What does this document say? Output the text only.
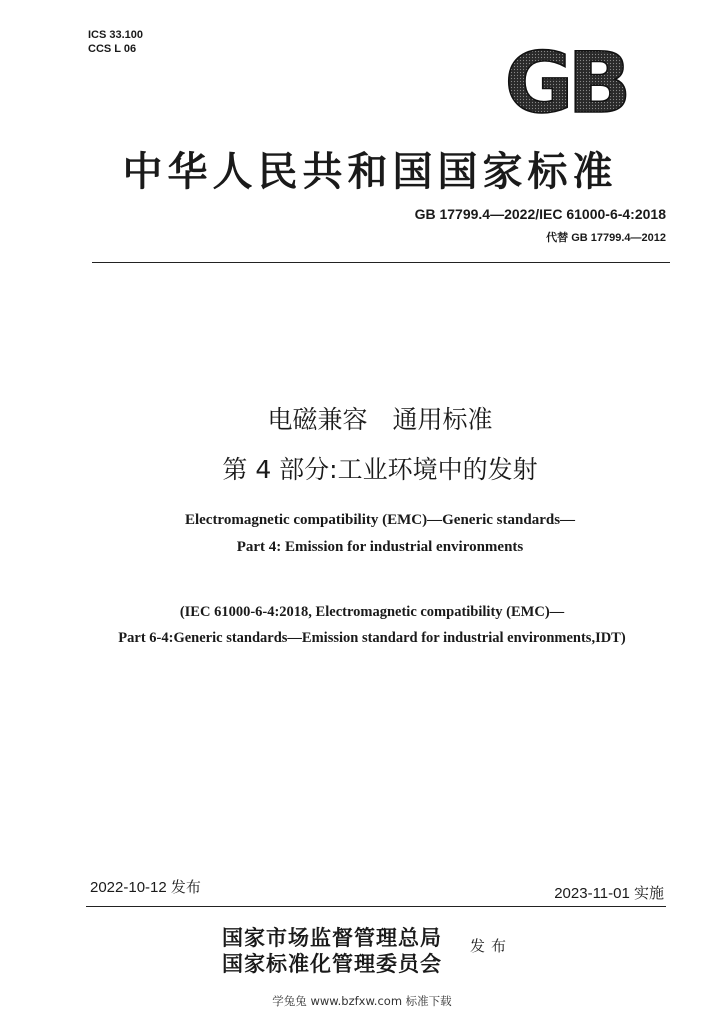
ICS 33.100
CCS L 06	GB
中华人民共和国国家标准
GB 17799.4—2022/IEC 61000-6-4:2018
代替 GB 17799.4—2012
电磁兼容　通用标准
第 4 部分:工业环境中的发射
Electromagnetic compatibility (EMC)—Generic standards—
Part 4: Emission for industrial environments
(IEC 61000-6-4:2018, Electromagnetic compatibility (EMC)—
Part 6-4:Generic standards—Emission standard for industrial environments,IDT)
2022-10-12 发布	2023-11-01 实施
国家市场监督管理总局
国家标准化管理委员会
发布
学兔兔 www.bzfxw.com 标准下载
